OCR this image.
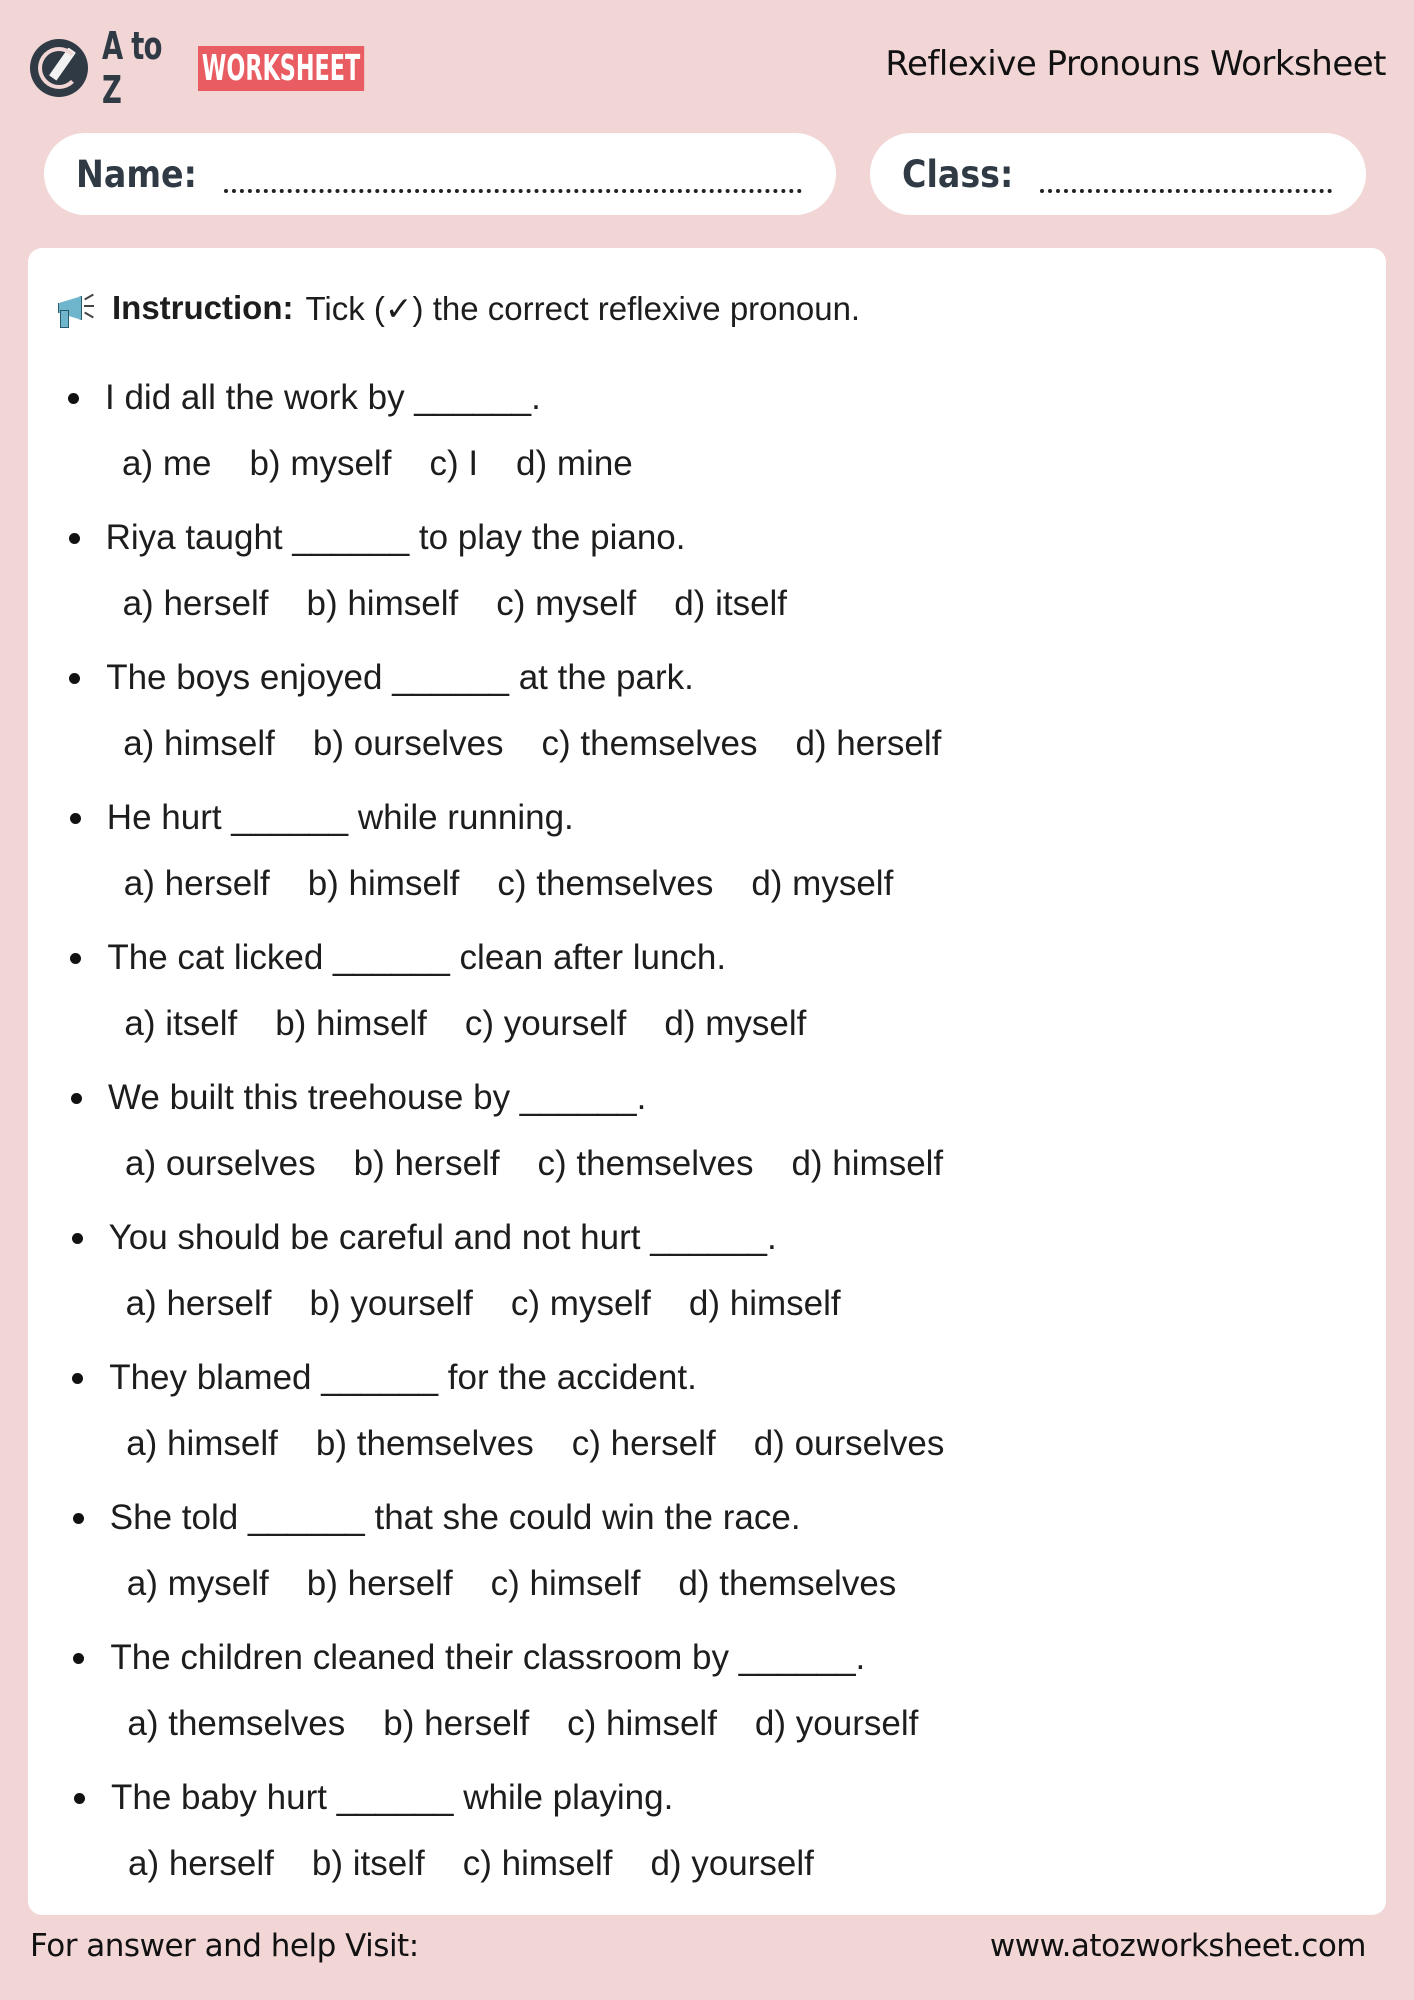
A to Z	WORKSHEET	Reflexive Pronouns Worksheet
Name:	Class:
Instruction: Tick (✓) the correct reflexive pronoun.
I did all the work by ______.
a) me b) myself c) I d) mine
Riya taught ______ to play the piano.
a) herself b) himself c) myself d) itself
The boys enjoyed ______ at the park.
a) himself b) ourselves c) themselves d) herself
He hurt ______ while running.
a) herself b) himself c) themselves d) myself
The cat licked ______ clean after lunch.
a) itself b) himself c) yourself d) myself
We built this treehouse by ______.
a) ourselves b) herself c) themselves d) himself
You should be careful and not hurt ______.
a) herself b) yourself c) myself d) himself
They blamed ______ for the accident.
a) himself b) themselves c) herself d) ourselves
She told ______ that she could win the race.
a) myself b) herself c) himself d) themselves
The children cleaned their classroom by ______.
a) themselves b) herself c) himself d) yourself
The baby hurt ______ while playing.
a) herself b) itself c) himself d) yourself
For answer and help Visit:	www.atozworksheet.com
